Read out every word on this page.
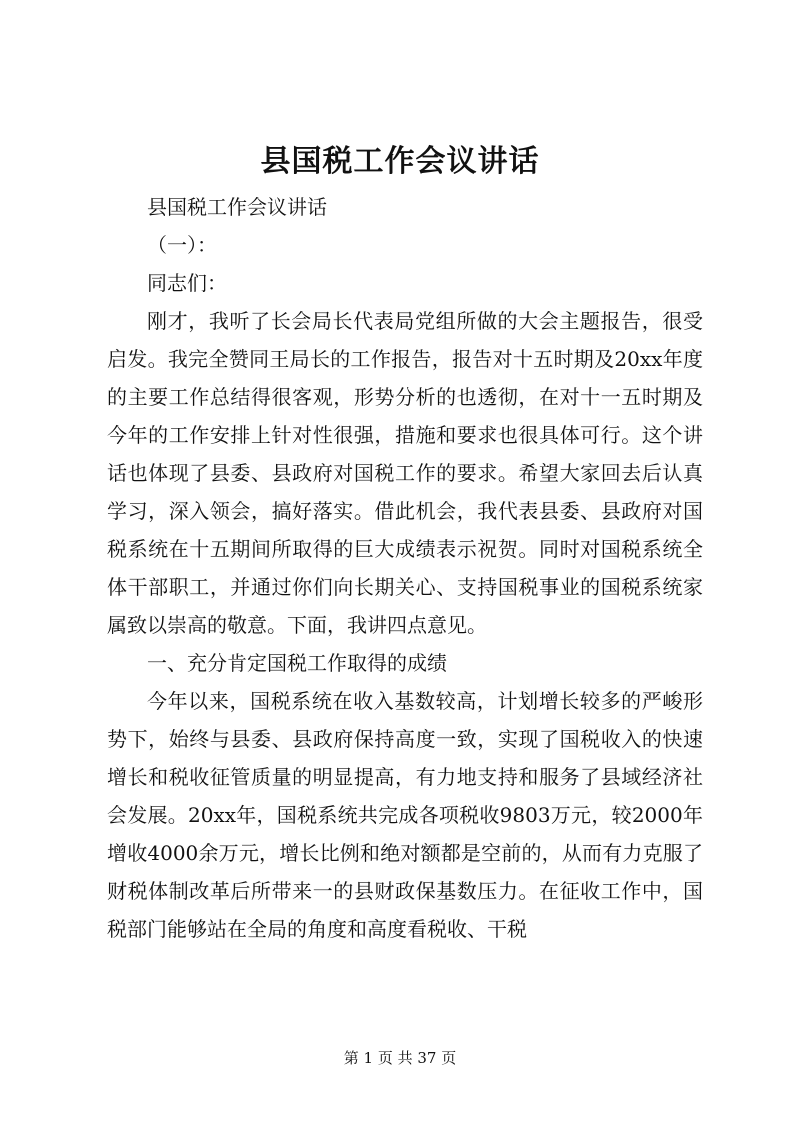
县国税工作会议讲话

县国税工作会议讲话

（一）：

同志们：

刚才，我听了长会局长代表局党组所做的大会主题报告，很受启发。我完全赞同王局长的工作报告，报告对十五时期及20xx年度的主要工作总结得很客观，形势分析的也透彻，在对十一五时期及今年的工作安排上针对性很强，措施和要求也很具体可行。这个讲话也体现了县委、县政府对国税工作的要求。希望大家回去后认真学习，深入领会，搞好落实。借此机会，我代表县委、县政府对国税系统在十五期间所取得的巨大成绩表示祝贺。同时对国税系统全体干部职工，并通过你们向长期关心、支持国税事业的国税系统家属致以崇高的敬意。下面，我讲四点意见。

一、充分肯定国税工作取得的成绩

今年以来，国税系统在收入基数较高，计划增长较多的严峻形势下，始终与县委、县政府保持高度一致，实现了国税收入的快速增长和税收征管质量的明显提高，有力地支持和服务了县域经济社会发展。20xx年，国税系统共完成各项税收9803万元，较2000年增收4000余万元，增长比例和绝对额都是空前的，从而有力克服了财税体制改革后所带来一的县财政保基数压力。在征收工作中，国税部门能够站在全局的角度和高度看税收、干税

第 1 页 共 37 页
